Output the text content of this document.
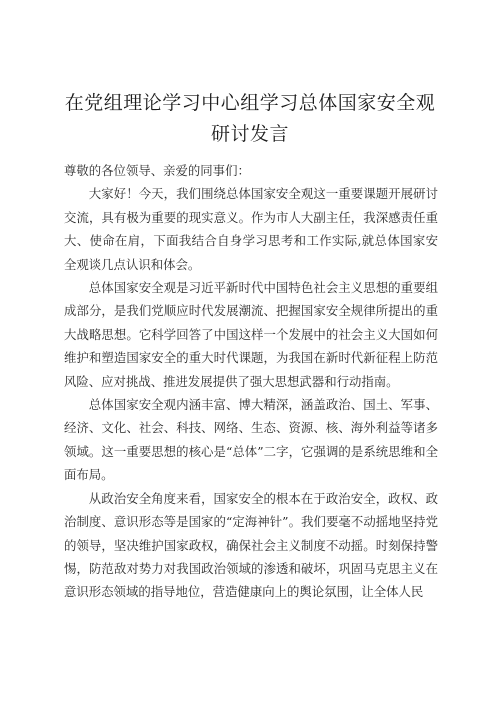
在党组理论学习中心组学习总体国家安全观研讨发言

尊敬的各位领导、亲爱的同事们：

大家好！今天，我们围绕总体国家安全观这一重要课题开展研讨交流，具有极为重要的现实意义。作为市人大副主任，我深感责任重大、使命在肩，下面我结合自身学习思考和工作实际,就总体国家安全观谈几点认识和体会。

总体国家安全观是习近平新时代中国特色社会主义思想的重要组成部分，是我们党顺应时代发展潮流、把握国家安全规律所提出的重大战略思想。它科学回答了中国这样一个发展中的社会主义大国如何维护和塑造国家安全的重大时代课题，为我国在新时代新征程上防范风险、应对挑战、推进发展提供了强大思想武器和行动指南。

总体国家安全观内涵丰富、博大精深，涵盖政治、国土、军事、经济、文化、社会、科技、网络、生态、资源、核、海外利益等诸多领域。这一重要思想的核心是“总体”二字，它强调的是系统思维和全面布局。

从政治安全角度来看，国家安全的根本在于政治安全，政权、政治制度、意识形态等是国家的“定海神针”。我们要毫不动摇地坚持党的领导，坚决维护国家政权，确保社会主义制度不动摇。时刻保持警惕，防范敌对势力对我国政治领域的渗透和破坏，巩固马克思主义在意识形态领域的指导地位，营造健康向上的舆论氛围，让全体人民
